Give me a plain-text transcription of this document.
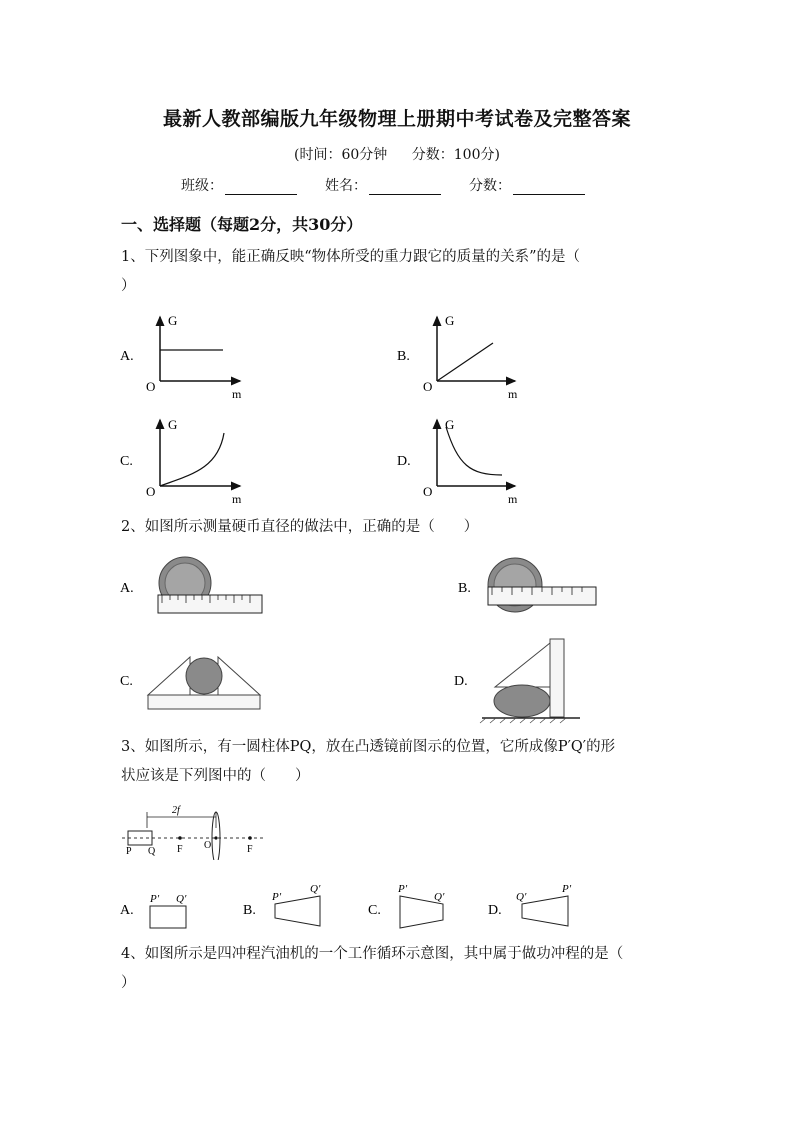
最新人教部编版九年级物理上册期中考试卷及完整答案
(时间：60分钟 分数：100分)
班级：	姓名：	分数：
一、选择题（每题2分，共30分）
1、下列图象中，能正确反映“物体所受的重力跟它的质量的关系”的是（
）
A.
G
O	m
B.
G
O	m
C.
G
O	m
D.
G
O	m
2、如图所示测量硬币直径的做法中，正确的是（　　）
A.	B.
C.	D.
3、如图所示，有一圆柱体PQ，放在凸透镜前图示的位置，它所成像P′Q′的形
状应该是下列图中的（　　）
2f
P Q F O	F
A.
P′ Q′
B.
P′
Q′
C.
P′
Q′
D.
Q′
P′
4、如图所示是四冲程汽油机的一个工作循环示意图，其中属于做功冲程的是（
）
